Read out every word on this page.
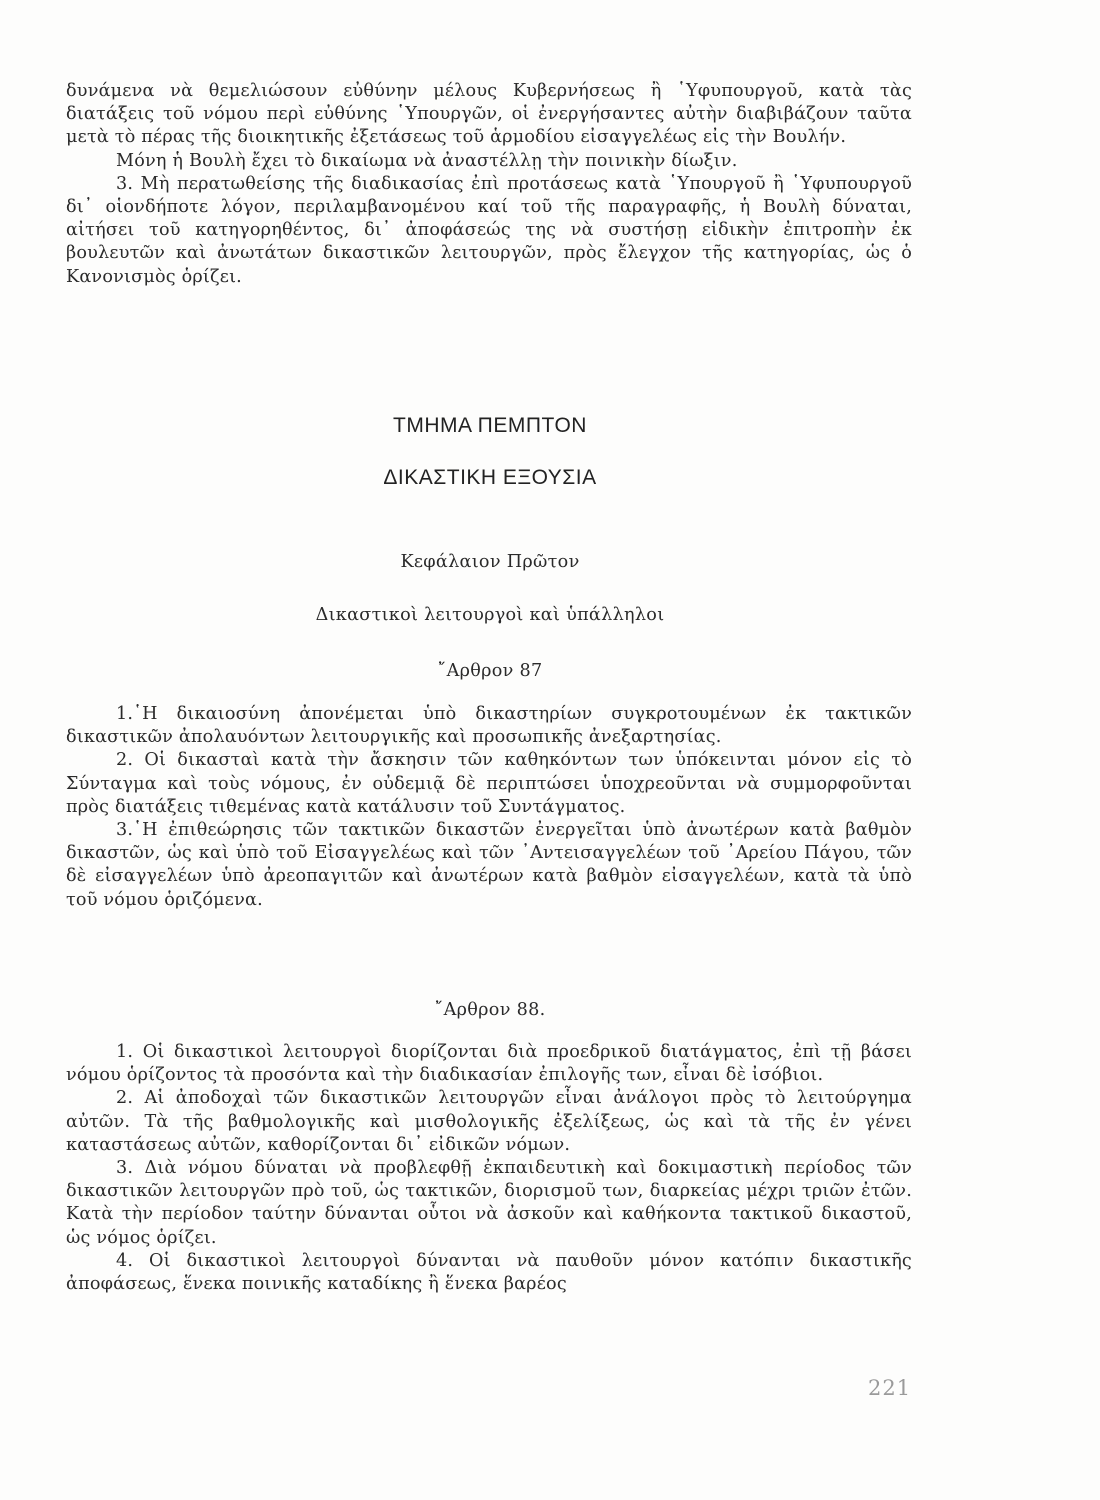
δυνάμενα νὰ θεμελιώσουν εὐθύνην μέλους Κυβερνήσεως ἢ ῾Υφυπουργοῦ, κατὰ τὰς διατάξεις τοῦ νόμου περὶ εὐθύνης ῾Υπουργῶν, οἱ ἐνεργήσαντες αὐτὴν διαβιβάζουν ταῦτα μετὰ τὸ πέρας τῆς διοικητικῆς ἐξετάσεως τοῦ ἁρμοδίου εἰσαγγελέως εἰς τὴν Βουλήν.

Μόνη ἡ Βουλὴ ἔχει τὸ δικαίωμα νὰ ἀναστέλλῃ τὴν ποινικὴν δίωξιν.

3. Μὴ περατωθείσης τῆς διαδικασίας ἐπὶ προτάσεως κατὰ ῾Υπουργοῦ ἢ ῾Υφυπουργοῦ δι᾽ οἱονδήποτε λόγον, περιλαμβανομένου καί τοῦ τῆς παραγραφῆς, ἡ Βουλὴ δύναται, αἰτήσει τοῦ κατηγορηθέντος, δι᾽ ἀποφάσεώς της νὰ συστήσῃ εἰδικὴν ἐπιτροπὴν ἐκ βουλευτῶν καὶ ἀνωτάτων δικαστικῶν λειτουργῶν, πρὸς ἔλεγχον τῆς κατηγορίας, ὡς ὁ Κανονισμὸς ὁρίζει.

ΤΜΗΜΑ ΠΕΜΠΤΟΝ
ΔΙΚΑΣΤΙΚΗ ΕΞΟΥΣΙΑ
Κεφάλαιον Πρῶτον
Δικαστικοὶ λειτουργοὶ καὶ ὑπάλληλοι
῎Αρθρον 87

1.῾Η δικαιοσύνη ἀπονέμεται ὑπὸ δικαστηρίων συγκροτουμένων ἐκ τακτικῶν δικαστικῶν ἀπολαυόντων λειτουργικῆς καὶ προσωπικῆς ἀνεξαρτησίας.

2. Οἱ δικασταὶ κατὰ τὴν ἄσκησιν τῶν καθηκόντων των ὑπόκεινται μόνον εἰς τὸ Σύνταγμα καὶ τοὺς νόμους, ἐν οὐδεμιᾷ δὲ περιπτώσει ὑποχρεοῦνται νὰ συμμορφοῦνται πρὸς διατάξεις τιθεμένας κατὰ κατάλυσιν τοῦ Συντάγματος.

3.῾Η ἐπιθεώρησις τῶν τακτικῶν δικαστῶν ἐνεργεῖται ὑπὸ ἀνωτέρων κατὰ βαθμὸν δικαστῶν, ὡς καὶ ὑπὸ τοῦ Εἰσαγγελέως καὶ τῶν ᾽Αντεισαγγελέων τοῦ ᾽Αρείου Πάγου, τῶν δὲ εἰσαγγελέων ὑπὸ ἀρεοπαγιτῶν καὶ ἀνωτέρων κατὰ βαθμὸν εἰσαγγελέων, κατὰ τὰ ὑπὸ τοῦ νόμου ὁριζόμενα.

῎Αρθρον 88.

1. Οἱ δικαστικοὶ λειτουργοὶ διορίζονται διὰ προεδρικοῦ διατάγματος, ἐπὶ τῇ βάσει νόμου ὁρίζοντος τὰ προσόντα καὶ τὴν διαδικασίαν ἐπιλογῆς των, εἶναι δὲ ἰσόβιοι.

2. Αἱ ἀποδοχαὶ τῶν δικαστικῶν λειτουργῶν εἶναι ἀνάλογοι πρὸς τὸ λειτούργημα αὐτῶν. Τὰ τῆς βαθμολογικῆς καὶ μισθολογικῆς ἐξελίξεως, ὡς καὶ τὰ τῆς ἐν γένει καταστάσεως αὐτῶν, καθορίζονται δι᾽ εἰδικῶν νόμων.

3. Διὰ νόμου δύναται νὰ προβλεφθῇ ἐκπαιδευτικὴ καὶ δοκιμαστικὴ περίοδος τῶν δικαστικῶν λειτουργῶν πρὸ τοῦ, ὡς τακτικῶν, διορισμοῦ των, διαρκείας μέχρι τριῶν ἐτῶν. Κατὰ τὴν περίοδον ταύτην δύνανται οὗτοι νὰ ἀσκοῦν καὶ καθήκοντα τακτικοῦ δικαστοῦ, ὡς νόμος ὁρίζει.

4. Οἱ δικαστικοὶ λειτουργοὶ δύνανται νὰ παυθοῦν μόνον κατόπιν δικαστικῆς ἀποφάσεως, ἕνεκα ποινικῆς καταδίκης ἢ ἕνεκα βαρέος

221
